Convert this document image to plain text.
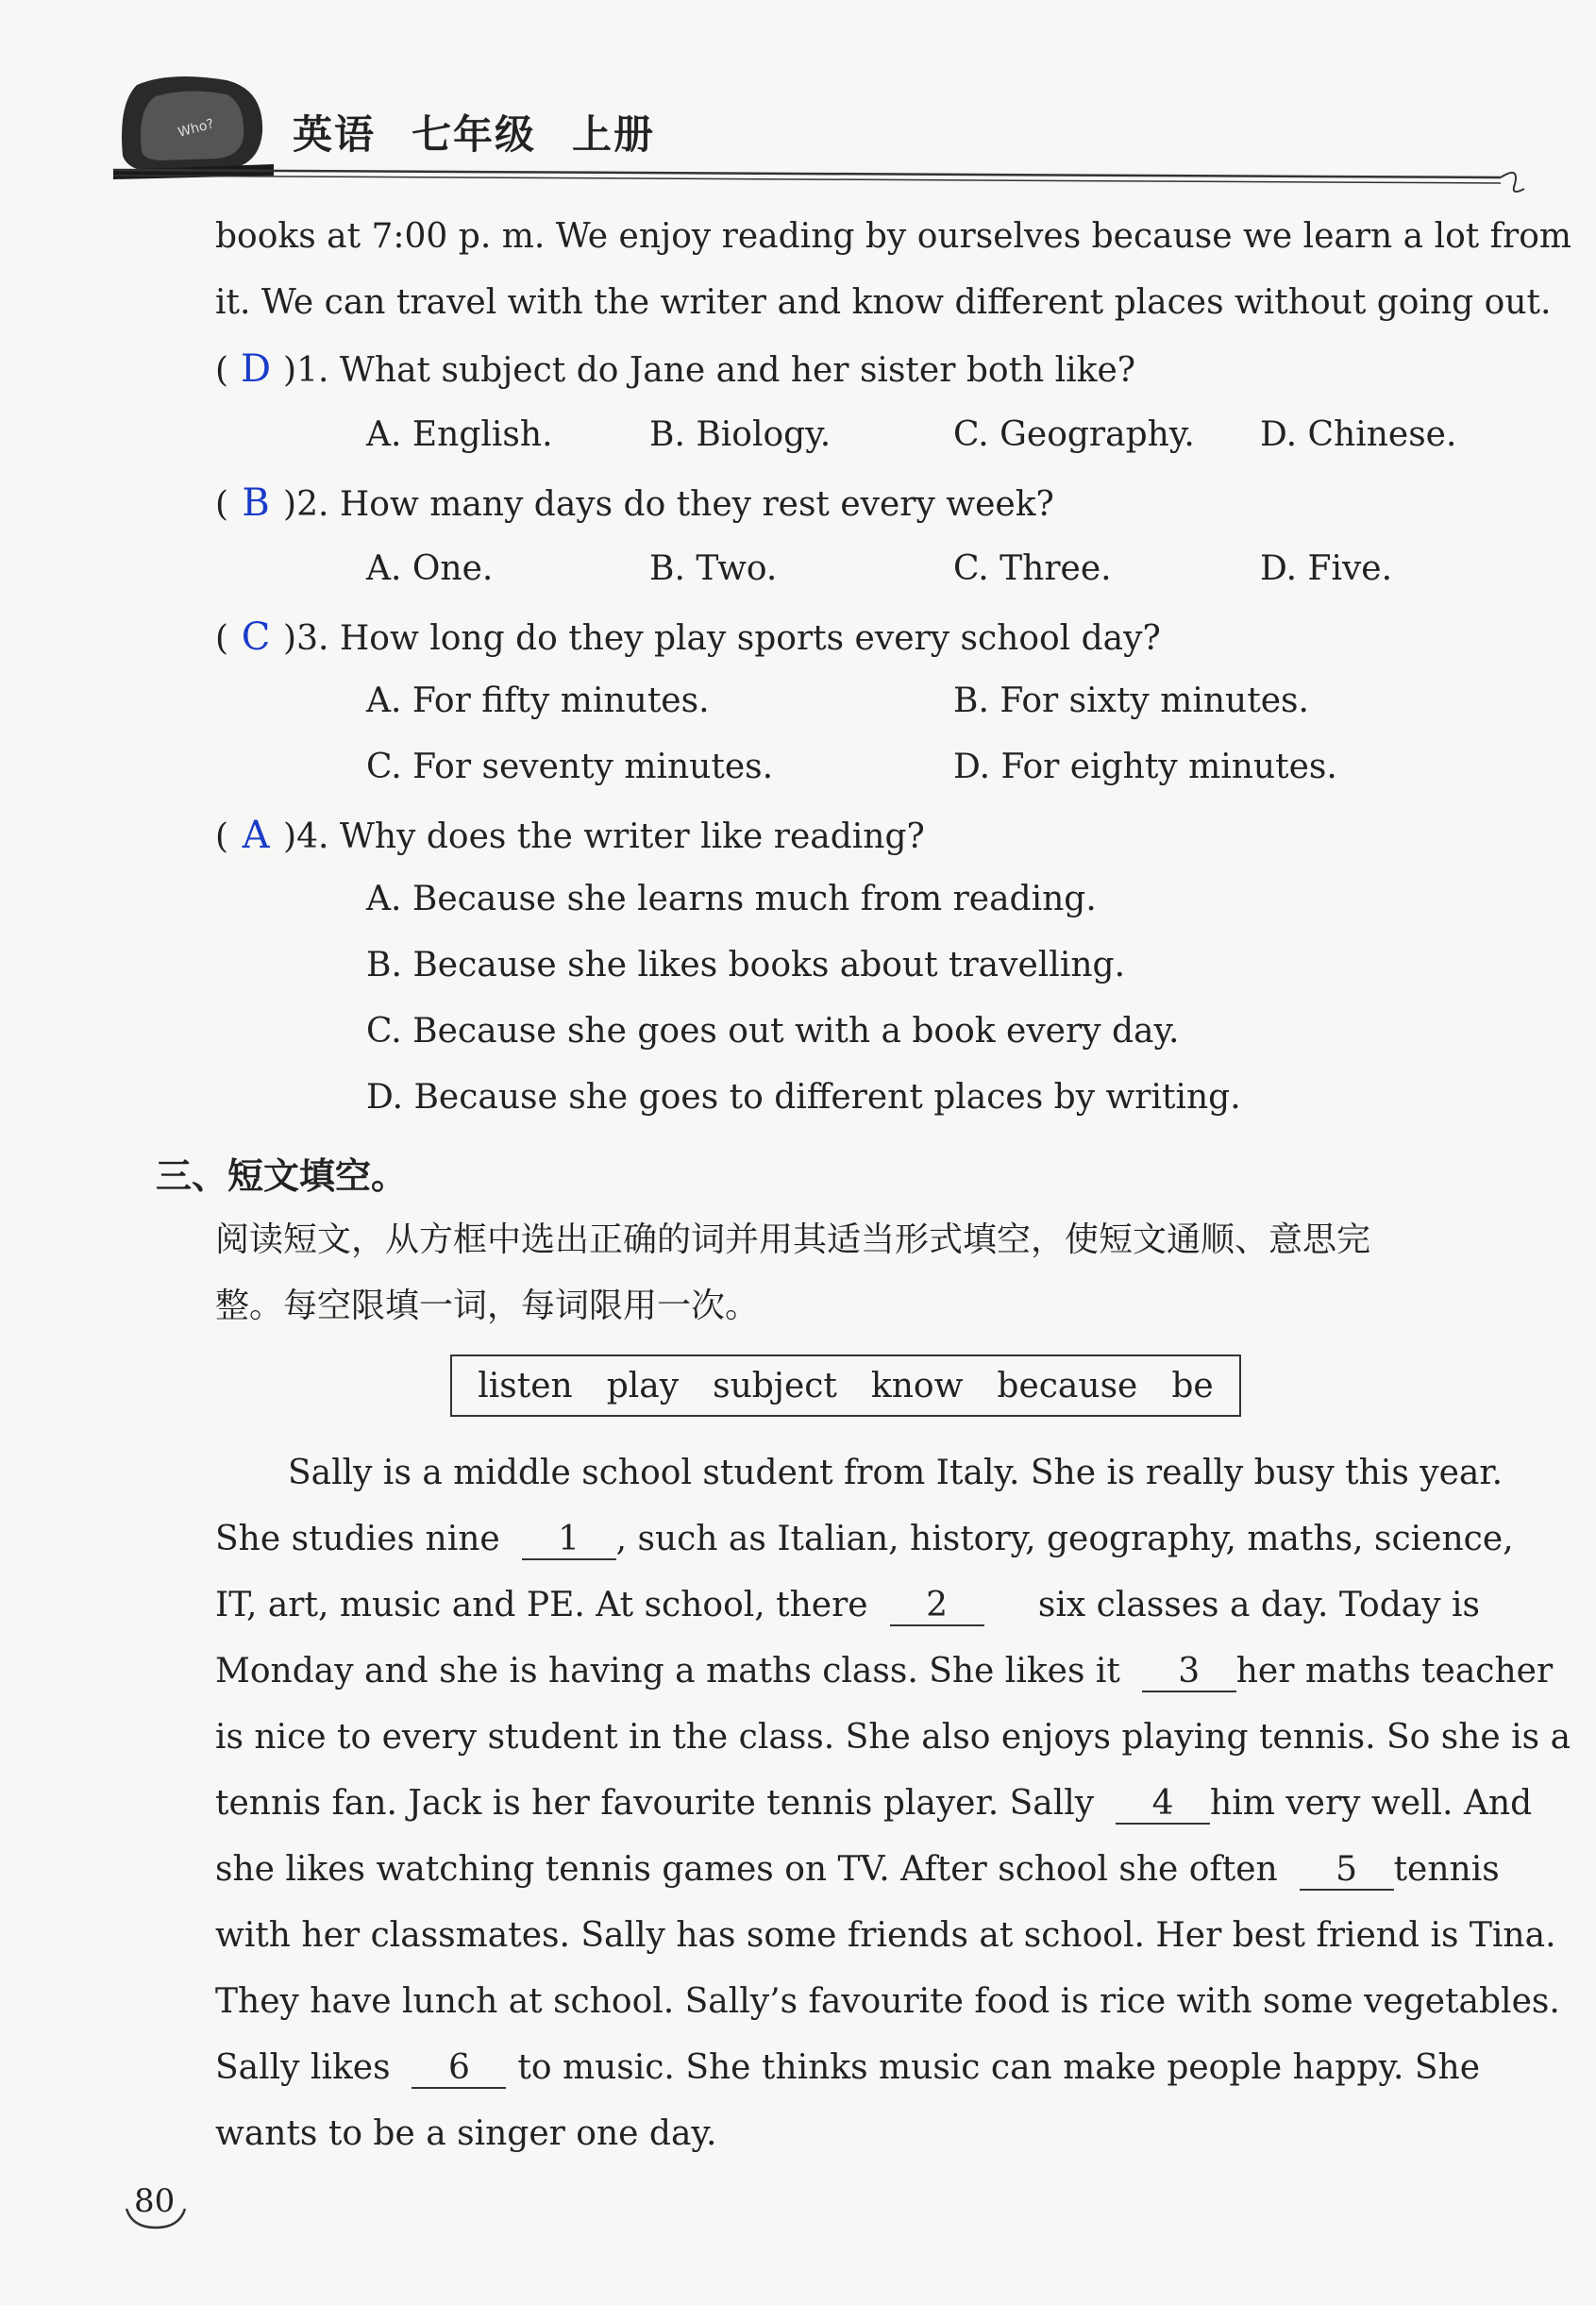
Who? 英语 七年级 上册
books at 7:00 p. m. We enjoy reading by ourselves because we learn a lot from
it. We can travel with the writer and know different places without going out.
( D )1. What subject do Jane and her sister both like?
A. English.	B. Biology.	C. Geography. D. Chinese.
( B )2. How many days do they rest every week?
A. One.	B. Two.	C. Three.	D. Five.
( C )3. How long do they play sports every school day?
A. For fifty minutes.	B. For sixty minutes.
C. For seventy minutes.	D. For eighty minutes.
( A )4. Why does the writer like reading?
A. Because she learns much from reading.
B. Because she likes books about travelling.
C. Because she goes out with a book every day.
D. Because she goes to different places by writing.
三、短文填空。
阅读短文，从方框中选出正确的词并用其适当形式填空，使短文通顺、意思完
整。每空限填一词，每词限用一次。
listen play subject know because be
Sally is a middle school student from Italy. She is really busy this year.
She studies nine 1	, such as Italian, history, geography, maths, science,
IT, art, music and PE. At school, there 2	six classes a day. Today is
Monday and she is having a maths class. She likes it 3	her maths teacher
is nice to every student in the class. She also enjoys playing tennis. So she is a
tennis fan. Jack is her favourite tennis player. Sally 4	him very well. And
she likes watching tennis games on TV. After school she often 5	tennis
with her classmates. Sally has some friends at school. Her best friend is Tina.
They have lunch at school. Sally’s favourite food is rice with some vegetables.
Sally likes 6	to music. She thinks music can make people happy. She
wants to be a singer one day.
80
